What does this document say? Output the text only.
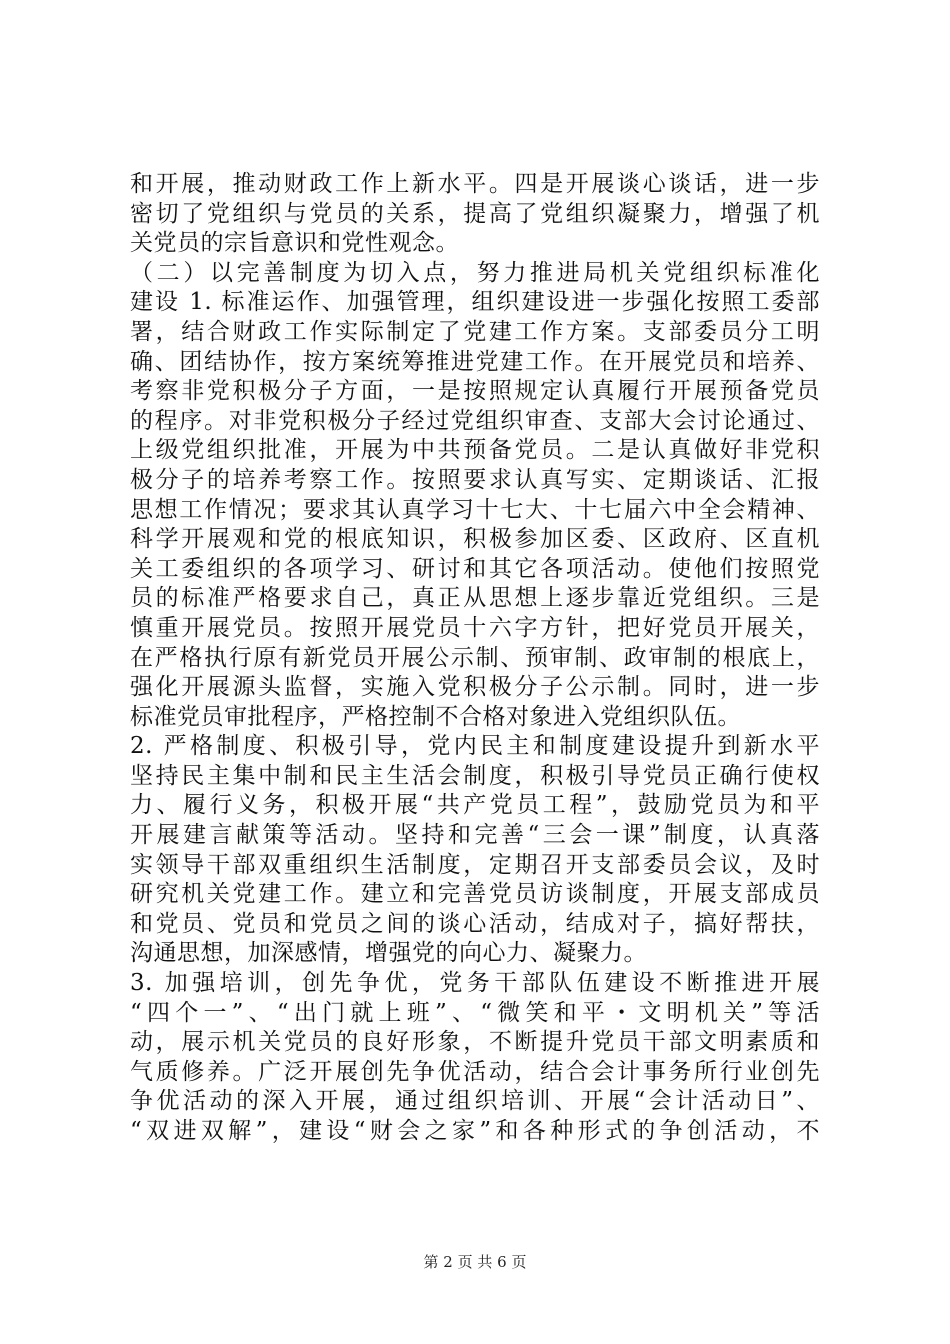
和开展，推动财政工作上新水平。四是开展谈心谈话，进一步
密切了党组织与党员的关系，提高了党组织凝聚力，增强了机
关党员的宗旨意识和党性观念。
（二）以完善制度为切入点，努力推进局机关党组织标准化
建设 1. 标准运作、加强管理，组织建设进一步强化按照工委部
署，结合财政工作实际制定了党建工作方案。支部委员分工明
确、团结协作，按方案统筹推进党建工作。在开展党员和培养、
考察非党积极分子方面，一是按照规定认真履行开展预备党员
的程序。对非党积极分子经过党组织审查、支部大会讨论通过、
上级党组织批准，开展为中共预备党员。二是认真做好非党积
极分子的培养考察工作。按照要求认真写实、定期谈话、汇报
思想工作情况；要求其认真学习十七大、十七届六中全会精神、
科学开展观和党的根底知识，积极参加区委、区政府、区直机
关工委组织的各项学习、研讨和其它各项活动。使他们按照党
员的标准严格要求自己，真正从思想上逐步靠近党组织。三是
慎重开展党员。按照开展党员十六字方针，把好党员开展关，
在严格执行原有新党员开展公示制、预审制、政审制的根底上，
强化开展源头监督，实施入党积极分子公示制。同时，进一步
标准党员审批程序，严格控制不合格对象进入党组织队伍。
2. 严格制度、积极引导，党内民主和制度建设提升到新水平
坚持民主集中制和民主生活会制度，积极引导党员正确行使权
力、履行义务，积极开展“共产党员工程”，鼓励党员为和平
开展建言献策等活动。坚持和完善“三会一课”制度，认真落
实领导干部双重组织生活制度，定期召开支部委员会议，及时
研究机关党建工作。建立和完善党员访谈制度，开展支部成员
和党员、党员和党员之间的谈心活动，结成对子，搞好帮扶，
沟通思想，加深感情，增强党的向心力、凝聚力。
3. 加强培训，创先争优，党务干部队伍建设不断推进开展
“四个一”、“出门就上班”、“微笑和平・文明机关”等活
动，展示机关党员的良好形象，不断提升党员干部文明素质和
气质修养。广泛开展创先争优活动，结合会计事务所行业创先
争优活动的深入开展，通过组织培训、开展“会计活动日”、
“双进双解”，建设“财会之家”和各种形式的争创活动，不
第 2 页 共 6 页
